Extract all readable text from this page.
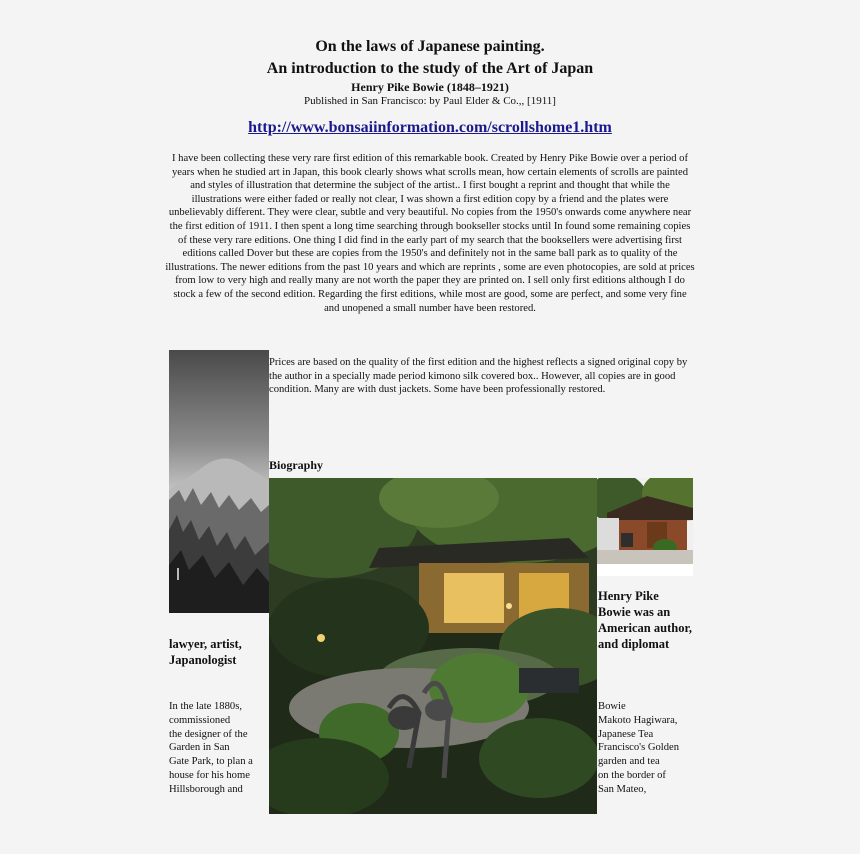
On the laws of Japanese painting.
An introduction to the study of the Art of Japan
Henry Pike Bowie (1848–1921)
Published in San Francisco: by Paul Elder & Co.,, [1911]
http://www.bonsaiinformation.com/scrollshome1.htm

I have been collecting these very rare first edition of this remarkable book. Created by Henry Pike Bowie over a period of years when he studied art in Japan, this book clearly shows what scrolls mean, how certain elements of scrolls are painted and styles of illustration that determine the subject of the artist.. I first bought a reprint and thought that while the illustrations were either faded or really not clear, I was shown a first edition copy by a friend and the plates were unbelievably different. They were clear, subtle and very beautiful. No copies from the 1950's onwards come anywhere near the first edition of 1911. I then spent a long time searching through bookseller stocks until In found some remaining copies of these very rare editions. One thing I did find in the early part of my search that the booksellers were advertising first editions called Dover but these are copies from the 1950's and definitely not in the same ball park as to quality of the illustrations. The newer editions from the past 10 years and which are reprints , some are even photocopies, are sold at prices from low to very high and really many are not worth the paper they are printed on. I sell only first editions although I do stock a few of the second edition. Regarding the first editions, while most are good, some are perfect, and some very fine and unopened a small number have been restored.

Prices are based on the quality of the first edition and the highest reflects a signed original copy by the author in a specially made period kimono silk covered box.. However, all copies are in good condition. Many are with dust jackets. Some have been professionally restored.

Biography
lawyer, artist, Japanologist
Henry Pike Bowie was an American author, and diplomat
In the late 1880s,
commissioned
the designer of the
Garden in San
Gate Park, to plan a
house for his home
Hillsborough and
Bowie
Makoto Hagiwara,
Japanese Tea
Francisco's Golden
garden and tea
on the border of
San Mateo,
